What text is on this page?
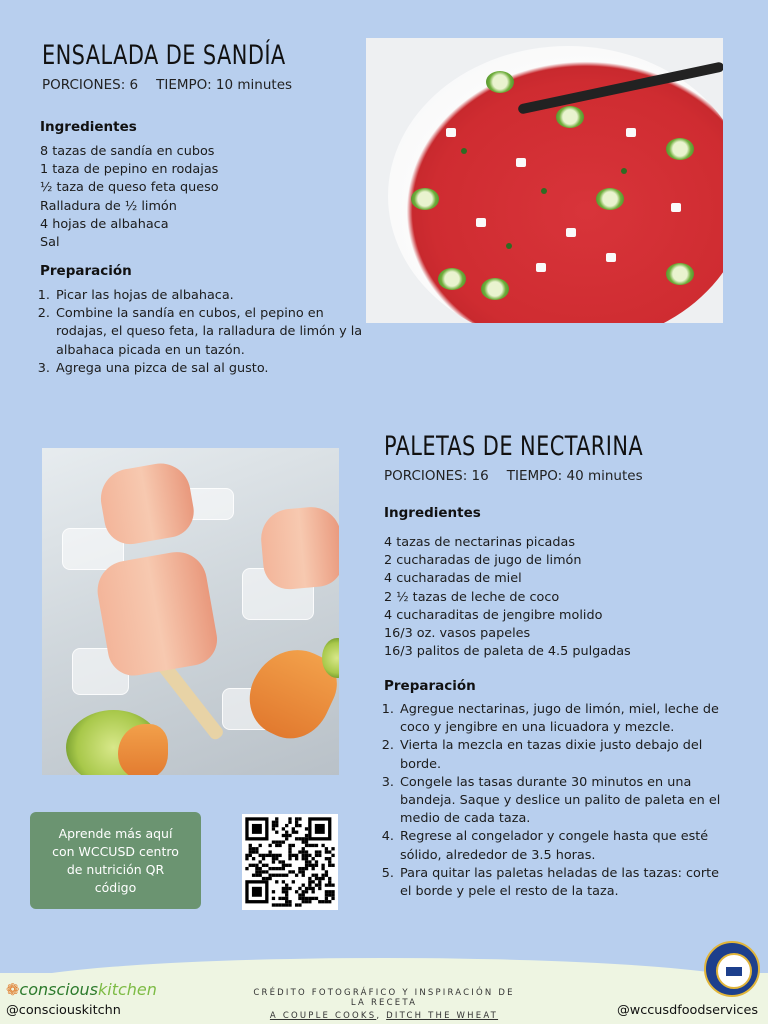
ENSALADA DE SANDÍA
PORCIONES: 6 TIEMPO: 10 minutes
Ingredientes
8 tazas de sandía en cubos
1 taza de pepino en rodajas
½ taza de queso feta queso
Ralladura de ½ limón
4 hojas de albahaca
Sal
Preparación
1. Picar las hojas de albahaca.
2. Combine la sandía en cubos, el pepino en rodajas, el queso feta, la ralladura de limón y la albahaca picada en un tazón.
3. Agrega una pizca de sal al gusto.
PALETAS DE NECTARINA
PORCIONES: 16 TIEMPO: 40 minutes
Ingredientes
4 tazas de nectarinas picadas
2 cucharadas de jugo de limón
4 cucharadas de miel
2 ½ tazas de leche de coco
4 cucharaditas de jengibre molido
16/3 oz. vasos papeles
16/3 palitos de paleta de 4.5 pulgadas
Preparación
1. Agregue nectarinas, jugo de limón, miel, leche de coco y jengibre en una licuadora y mezcle.
2. Vierta la mezcla en tazas dixie justo debajo del borde.
3. Congele las tasas durante 30 minutos en una bandeja. Saque y deslice un palito de paleta en el medio de cada taza.
4. Regrese al congelador y congele hasta que esté sólido, alrededor de 3.5 horas.
5. Para quitar las paletas heladas de las tazas: corte el borde y pele el resto de la taza.
Aprende más aquí con WCCUSD centro de nutrición QR código
❁consciouskitchen
@consciouskitchn
CRÉDITO FOTOGRÁFICO Y INSPIRACIÓN DE LA RECETA
A COUPLE COOKS, DITCH THE WHEAT	@wccusdfoodservices
